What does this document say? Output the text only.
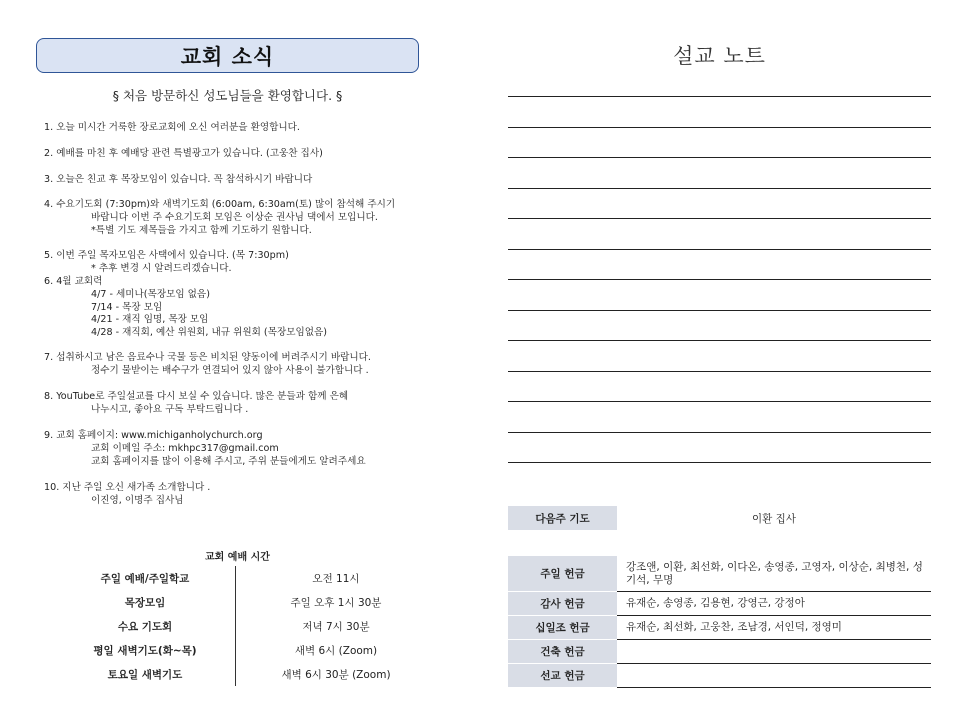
교회 소식
§ 처음 방문하신 성도님들을 환영합니다. §
1. 오늘 미시간 거룩한 장로교회에 오신 여러분을 환영합니다.
2. 예배를 마친 후 예배당 관련 특별광고가 있습니다. (고웅찬 집사)
3. 오늘은 친교 후 목장모임이 있습니다. 꼭 참석하시기 바랍니다
4. 수요기도회 (7:30pm)와 새벽기도회 (6:00am, 6:30am(토) 많이 참석해 주시기
바랍니다 이번 주 수요기도회 모임은 이상순 권사님 댁에서 모입니다.
*특별 기도 제목들을 가지고 함께 기도하기 원합니다.
5. 이번 주일 목자모임은 사택에서 있습니다. (목 7:30pm)
* 추후 변경 시 알려드리겠습니다.
6. 4월 교회력
4/7 - 세미나(목장모임 없음)
7/14 - 목장 모임
4/21 - 재직 임명, 목장 모임
4/28 - 재직회, 예산 위원회, 내규 위원회 (목장모임없음)
7. 섭취하시고 남은 음료수나 국물 등은 비치된 양동이에 버려주시기 바랍니다.
정수기 물받이는 배수구가 연결되어 있지 않아 사용이 불가합니다 .
8. YouTube로 주일설교를 다시 보실 수 있습니다. 많은 분들과 함께 은혜
나누시고, 좋아요 구독 부탁드립니다 .
9. 교회 홈페이지: www.michiganholychurch.org
교회 이메일 주소: mkhpc317@gmail.com
교회 홈페이지를 많이 이용해 주시고, 주위 분들에게도 알려주세요
10. 지난 주일 오신 새가족 소개합니다 .
이진영, 이명주 집사님
교회 예배 시간
주일 예배/주일학교	오전 11시
목장모임	주일 오후 1시 30분
수요 기도회	저녁 7시 30분
평일 새벽기도(화~목)	새벽 6시 (Zoom)
토요일 새벽기도	새벽 6시 30분 (Zoom)
설교 노트
다음주 기도	이환 집사
주일 헌금	강조앤, 이환, 최선화, 이다온, 송영종, 고영자, 이상순, 최병천, 성기석, 무명
감사 헌금	유재순, 송영종, 김용현, 강영근, 강정아
십일조 헌금	유재순, 최선화, 고웅찬, 조남경, 서인덕, 정영미
건축 헌금	
선교 헌금	
